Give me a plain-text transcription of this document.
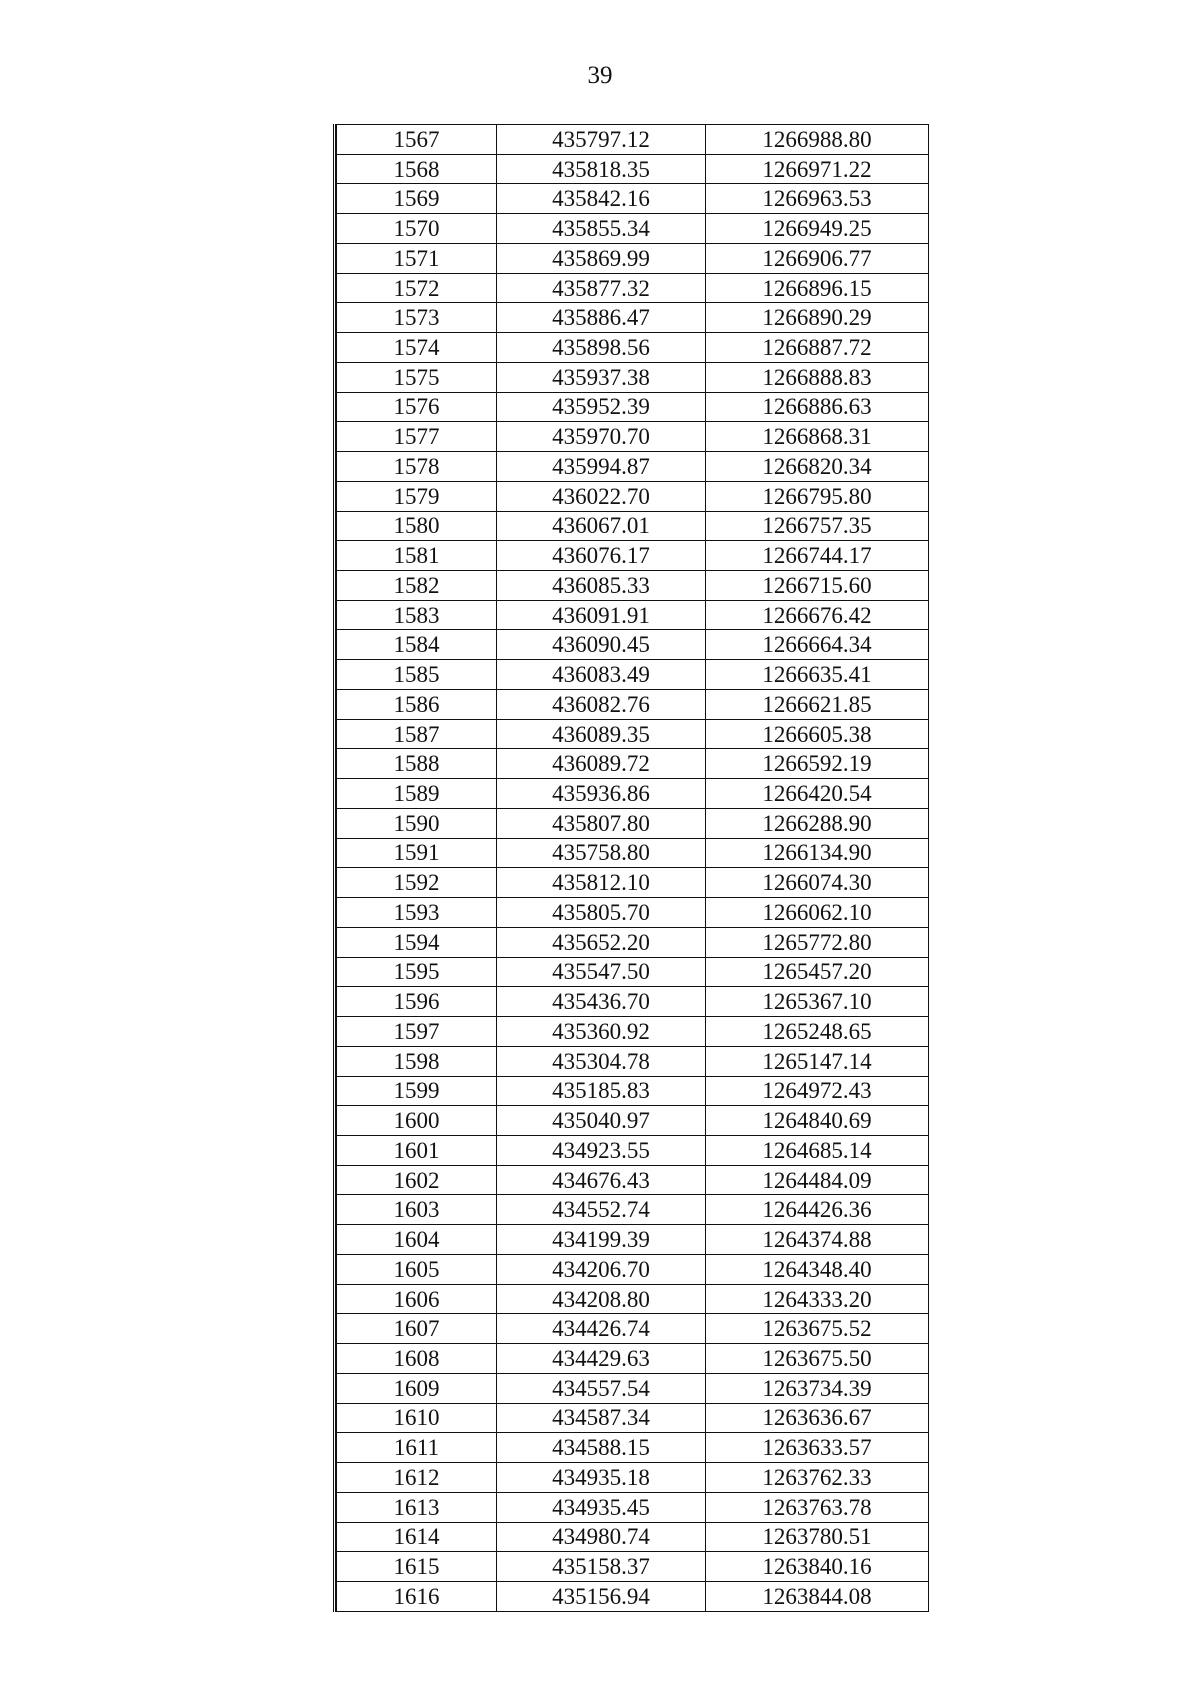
39
1567	435797.12	1266988.80
1568	435818.35	1266971.22
1569	435842.16	1266963.53
1570	435855.34	1266949.25
1571	435869.99	1266906.77
1572	435877.32	1266896.15
1573	435886.47	1266890.29
1574	435898.56	1266887.72
1575	435937.38	1266888.83
1576	435952.39	1266886.63
1577	435970.70	1266868.31
1578	435994.87	1266820.34
1579	436022.70	1266795.80
1580	436067.01	1266757.35
1581	436076.17	1266744.17
1582	436085.33	1266715.60
1583	436091.91	1266676.42
1584	436090.45	1266664.34
1585	436083.49	1266635.41
1586	436082.76	1266621.85
1587	436089.35	1266605.38
1588	436089.72	1266592.19
1589	435936.86	1266420.54
1590	435807.80	1266288.90
1591	435758.80	1266134.90
1592	435812.10	1266074.30
1593	435805.70	1266062.10
1594	435652.20	1265772.80
1595	435547.50	1265457.20
1596	435436.70	1265367.10
1597	435360.92	1265248.65
1598	435304.78	1265147.14
1599	435185.83	1264972.43
1600	435040.97	1264840.69
1601	434923.55	1264685.14
1602	434676.43	1264484.09
1603	434552.74	1264426.36
1604	434199.39	1264374.88
1605	434206.70	1264348.40
1606	434208.80	1264333.20
1607	434426.74	1263675.52
1608	434429.63	1263675.50
1609	434557.54	1263734.39
1610	434587.34	1263636.67
1611	434588.15	1263633.57
1612	434935.18	1263762.33
1613	434935.45	1263763.78
1614	434980.74	1263780.51
1615	435158.37	1263840.16
1616	435156.94	1263844.08
